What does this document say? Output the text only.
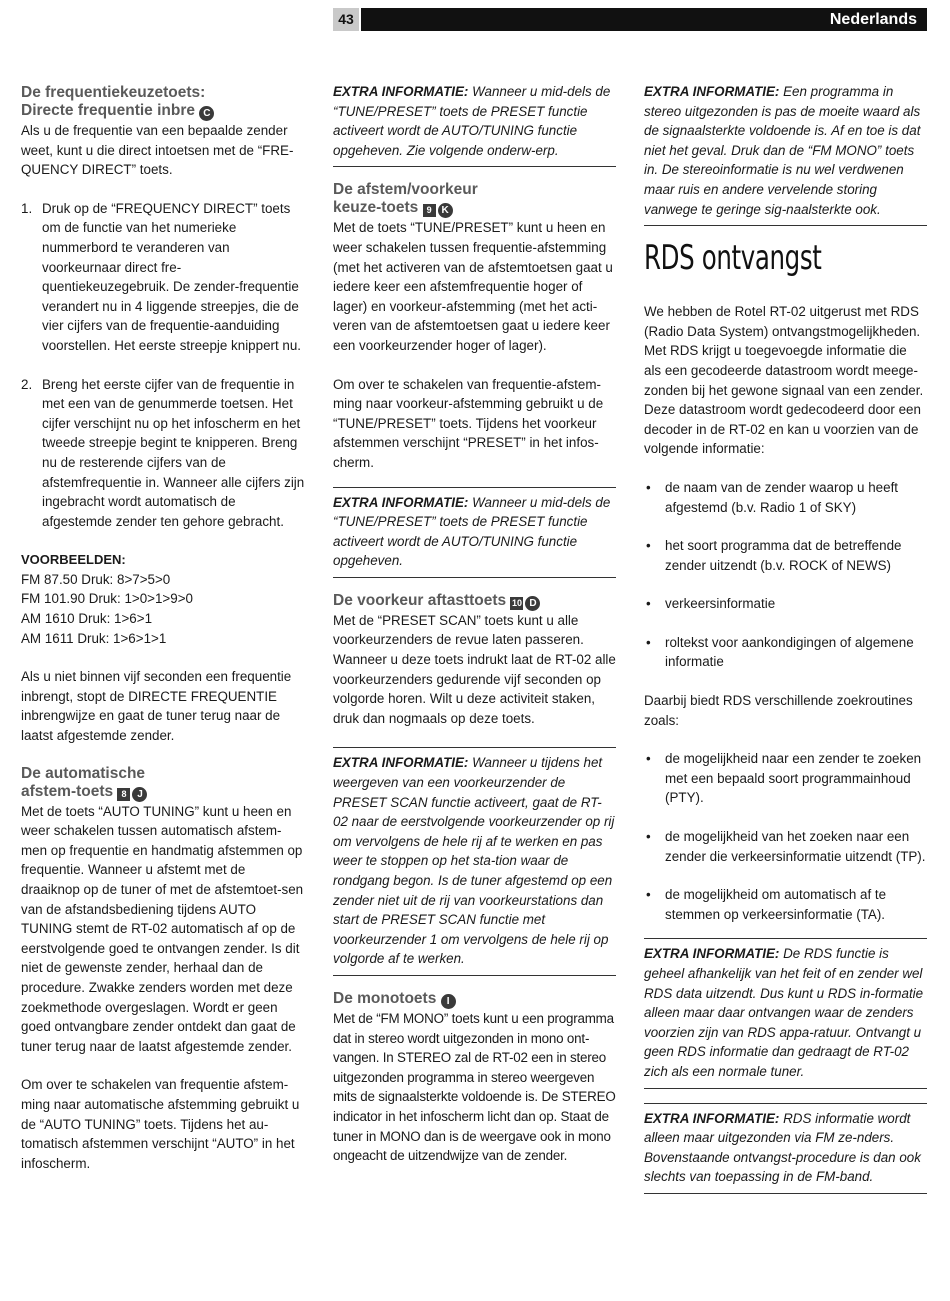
43	Nederlands
De frequentiekeuzetoets:
Directe frequentie inbre C

Als u de frequentie van een bepaalde zender weet, kunt u die direct intoetsen met de “FRE-QUENCY DIRECT” toets.

1. Druk op de “FREQUENCY DIRECT” toets om de functie van het numerieke nummerbord te veranderen van voorkeurnaar direct fre-quentiekeuzegebruik. De zender-frequentie verandert nu in 4 liggende streepjes, die de vier cijfers van de frequentie-aanduiding voorstellen. Het eerste streepje knippert nu.
2. Breng het eerste cijfer van de frequentie in met een van de genummerde toetsen. Het cijfer verschijnt nu op het infoscherm en het tweede streepje begint te knipperen. Breng nu de resterende cijfers van de afstemfrequentie in. Wanneer alle cijfers zijn ingebracht wordt automatisch de afgestemde zender ten gehore gebracht.

VOORBEELDEN:

FM 87.50 Druk: 8>7>5>0

FM 101.90 Druk: 1>0>1>9>0

AM 1610 Druk: 1>6>1

AM 1611 Druk: 1>6>1>1

Als u niet binnen vijf seconden een frequentie inbrengt, stopt de DIRECTE FREQUENTIE inbrengwijze en gaat de tuner terug naar de laatst afgestemde zender.

De automatische
afstem-toets 8 J

Met de toets “AUTO TUNING” kunt u heen en weer schakelen tussen automatisch afstem-men op frequentie en handmatig afstemmen op frequentie. Wanneer u afstemt met de draaiknop op de tuner of met de afstemtoet-sen van de afstandsbediening tijdens AUTO TUNING stemt de RT-02 automatisch af op de eerstvolgende goed te ontvangen zender. Is dit niet de gewenste zender, herhaal dan de procedure. Zwakke zenders worden met deze zoekmethode overgeslagen. Wordt er geen goed ontvangbare zender ontdekt dan gaat de tuner terug naar de laatst afgestemde zender.

Om over te schakelen van frequentie afstem-ming naar automatische afstemming gebruikt u de “AUTO TUNING” toets. Tijdens het au-tomatisch afstemmen verschijnt “AUTO” in het infoscherm.

EXTRA INFORMATIE: Wanneer u mid-dels de “TUNE/PRESET” toets de PRESET functie activeert wordt de AUTO/TUNING functie opgeheven. Zie volgende onderw-erp.

De afstem/voorkeur
keuze-toets 9 K

Met de toets “TUNE/PRESET” kunt u heen en weer schakelen tussen frequentie-afstemming (met het activeren van de afstemtoetsen gaat u iedere keer een afstemfrequentie hoger of lager) en voorkeur-afstemming (met het acti-veren van de afstemtoetsen gaat u iedere keer een voorkeurzender hoger of lager).

Om over te schakelen van frequentie-afstem-ming naar voorkeur-afstemming gebruikt u de “TUNE/PRESET” toets. Tijdens het voorkeur afstemmen verschijnt “PRESET” in het infos-cherm.

EXTRA INFORMATIE: Wanneer u mid-dels de “TUNE/PRESET” toets de PRESET functie activeert wordt de AUTO/TUNING functie opgeheven.

De voorkeur aftasttoets 10 D

Met de “PRESET SCAN” toets kunt u alle voorkeurzenders de revue laten passeren. Wanneer u deze toets indrukt laat de RT-02 alle voorkeurzenders gedurende vijf seconden op volgorde horen. Wilt u deze activiteit staken, druk dan nogmaals op deze toets.

EXTRA INFORMATIE: Wanneer u tijdens het weergeven van een voorkeurzender de PRESET SCAN functie activeert, gaat de RT-02 naar de eerstvolgende voorkeurzender op rij om vervolgens de hele rij af te werken en pas weer te stoppen op het sta-tion waar de rondgang begon. Is de tuner afgestemd op een zender niet uit de rij van voorkeurstations dan start de PRESET SCAN functie met voorkeurzender 1 om vervolgens de hele rij op volgorde af te werken.

De monotoets I

Met de “FM MONO” toets kunt u een programma dat in stereo wordt uitgezonden in mono ont-vangen. In STEREO zal de RT-02 een in stereo uitgezonden programma in stereo weergeven mits de signaalsterkte voldoende is. De STEREO indicator in het infoscherm licht dan op. Staat de tuner in MONO dan is de weergave ook in mono ongeacht de uitzendwijze van de zender.

EXTRA INFORMATIE: Een programma in stereo uitgezonden is pas de moeite waard als de signaalsterkte voldoende is. Af en toe is dat niet het geval. Druk dan de “FM MONO” toets in. De stereoinformatie is nu wel verdwenen maar ruis en andere vervelende storing vanwege te geringe sig-naalsterkte ook.

RDS ontvangst

We hebben de Rotel RT-02 uitgerust met RDS (Radio Data System) ontvangstmogelijkheden. Met RDS krijgt u toegevoegde informatie die als een gecodeerde datastroom wordt meege-zonden bij het gewone signaal van een zender. Deze datastroom wordt gedecodeerd door een decoder in de RT-02 en kan u voorzien van de volgende informatie:

• de naam van de zender waarop u heeft afgestemd (b.v. Radio 1 of SKY)
• het soort programma dat de betreffende zender uitzendt (b.v. ROCK of NEWS)
• verkeersinformatie
• roltekst voor aankondigingen of algemene informatie

Daarbij biedt RDS verschillende zoekroutines zoals:

• de mogelijkheid naar een zender te zoeken met een bepaald soort programmainhoud (PTY).
• de mogelijkheid van het zoeken naar een zender die verkeersinformatie uitzendt (TP).
• de mogelijkheid om automatisch af te stemmen op verkeersinformatie (TA).

EXTRA INFORMATIE: De RDS functie is geheel afhankelijk van het feit of en zender wel RDS data uitzendt. Dus kunt u RDS in-formatie alleen maar daar ontvangen waar de zenders voorzien zijn van RDS appa-ratuur. Ontvangt u geen RDS informatie dan gedraagt de RT-02 zich als een normale tuner.

EXTRA INFORMATIE: RDS informatie wordt alleen maar uitgezonden via FM ze-nders. Bovenstaande ontvangst-procedure is dan ook slechts van toepassing in de FM-band.
